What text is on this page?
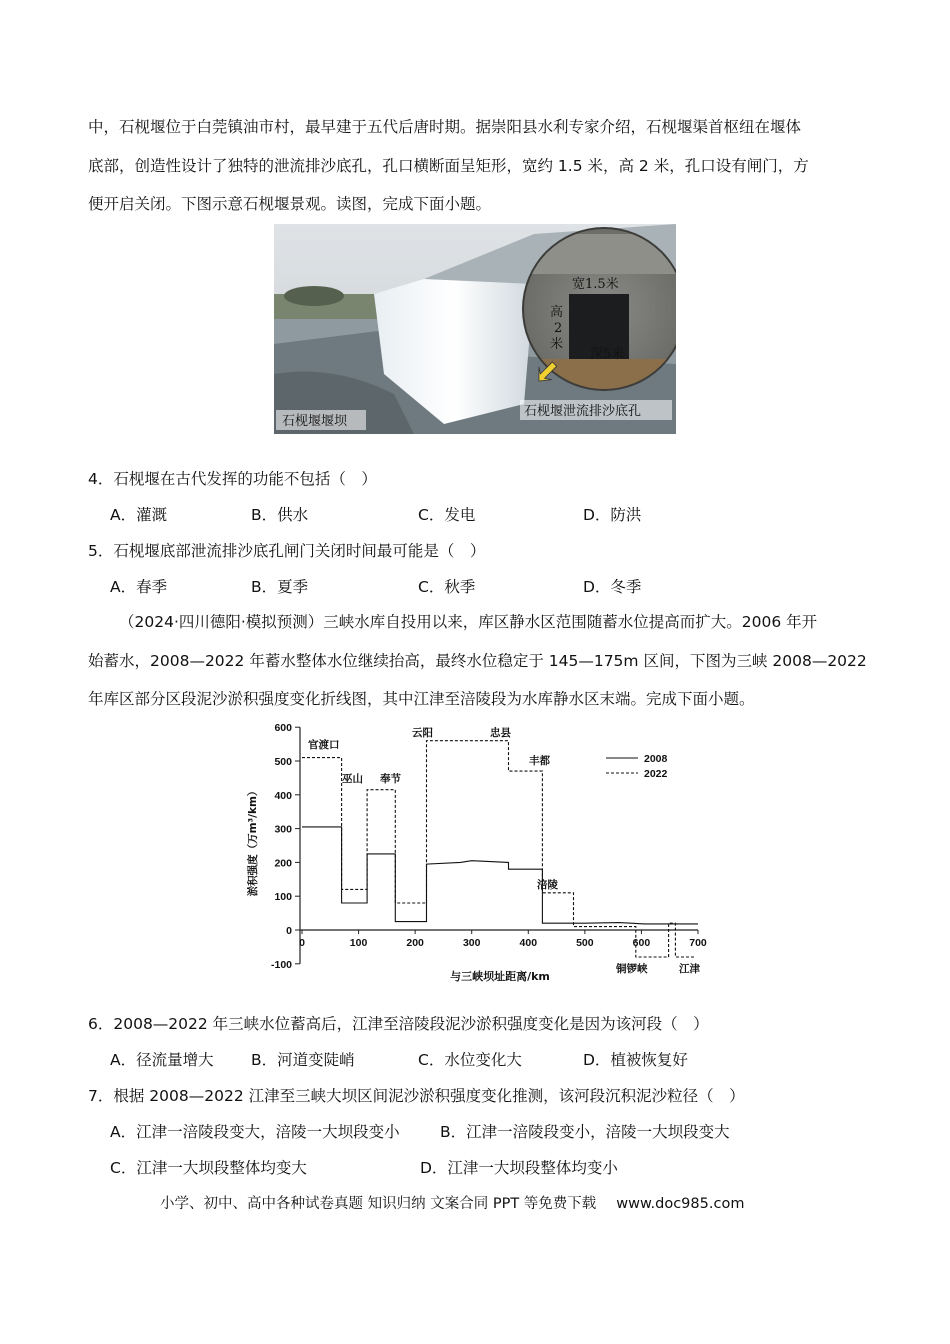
中，石枧堰位于白莞镇油市村，最早建于五代后唐时期。据崇阳县水利专家介绍，石枧堰渠首枢纽在堰体
底部，创造性设计了独特的泄流排沙底孔，孔口横断面呈矩形，宽约 1.5 米，高 2 米，孔口设有闸门，方
便开启关闭。下图示意石枧堰景观。读图，完成下面小题。
宽1.5米
高
2
米
深5米
石枧堰堰坝
石枧堰泄流排沙底孔
4．石枧堰在古代发挥的功能不包括（　）
A．灌溉	B．供水	C．发电	D．防洪
5．石枧堰底部泄流排沙底孔闸门关闭时间最可能是（　）
A．春季	B．夏季	C．秋季	D．冬季
（2024·四川德阳·模拟预测）三峡水库自投用以来，库区静水区范围随蓄水位提高而扩大。2006 年开
始蓄水，2008—2022 年蓄水整体水位继续抬高，最终水位稳定于 145—175m 区间，下图为三峡 2008—2022
年库区部分区段泥沙淤积强度变化折线图，其中江津至涪陵段为水库静水区末端。完成下面小题。
600
500
400
300
200
100
0
-100
0	100	200	300	400	500	600	700
与三峡坝址距离/km
淤积强度（万m³/km）
2008
2022
官渡口
巫山 奉节
云阳	忠县
丰都
涪陵
铜锣峡	江津
6．2008—2022 年三峡水位蓄高后，江津至涪陵段泥沙淤积强度变化是因为该河段（　）
A．径流量增大 B．河道变陡峭	C．水位变化大	D．植被恢复好
7．根据 2008—2022 江津至三峡大坝区间泥沙淤积强度变化推测，该河段沉积泥沙粒径（　）
A．江津一涪陵段变大，涪陵一大坝段变小	B．江津一涪陵段变小，涪陵一大坝段变大
C．江津一大坝段整体均变大	D．江津一大坝段整体均变小
小学、初中、高中各种试卷真题 知识归纳 文案合同 PPT 等免费下载 www.doc985.com
